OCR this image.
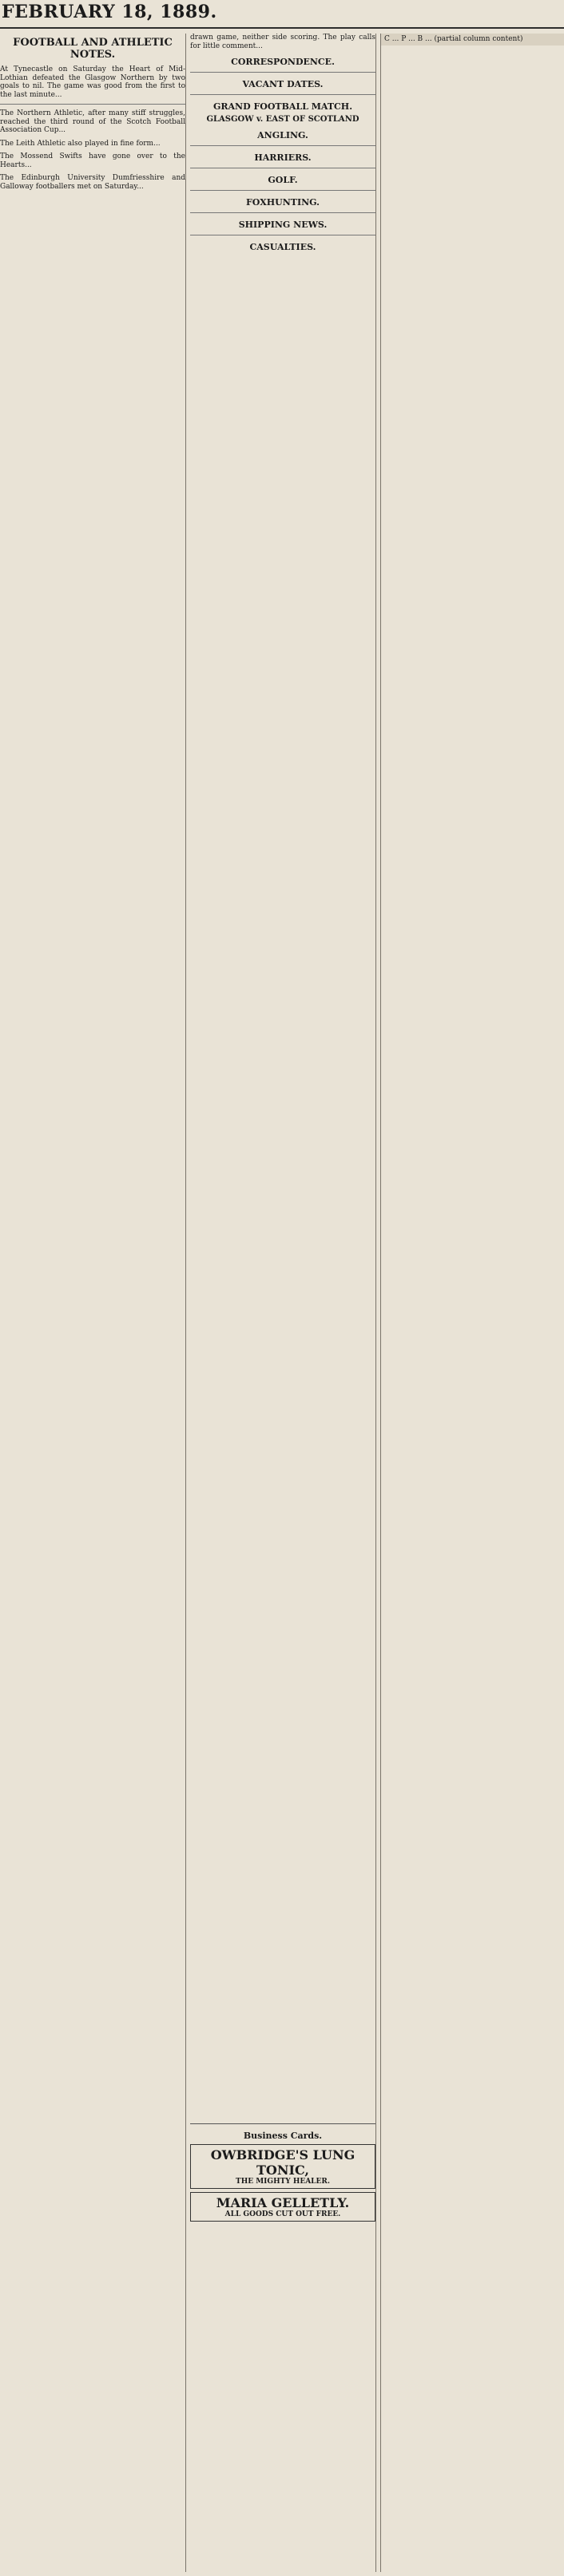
FEBRUARY 18, 1889.
FOOTBALL AND ATHLETIC NOTES.
At Tynecastle on Saturday the Heart of Mid-Lothian defeated the Glasgow Northern by two goals to nil. The game was good from the first to the last minute...
The Northern Athletic, after many stiff struggles, reached the third round of the Scotch Football Association Cup...
The Leith Athletic also played in fine form...
The Mossend Swifts have gone over to the Hearts...
The Edinburgh University Dumfriesshire and Galloway footballers met on Saturday...
drawn game, neither side scoring. The play calls for little comment...
CORRESPONDENCE.
VACANT DATES.
GRAND FOOTBALL MATCH.
GLASGOW v. EAST OF SCOTLAND
ANGLING.
HARRIERS.
GOLF.
FOXHUNTING.
SHIPPING NEWS.
CASUALTIES.
Business Cards.
OWBRIDGE'S LUNG TONIC,
THE MIGHTY HEALER.
MARIA GELLETLY.
ALL GOODS CUT OUT FREE.
C ... P ... B ... (partial column content)
